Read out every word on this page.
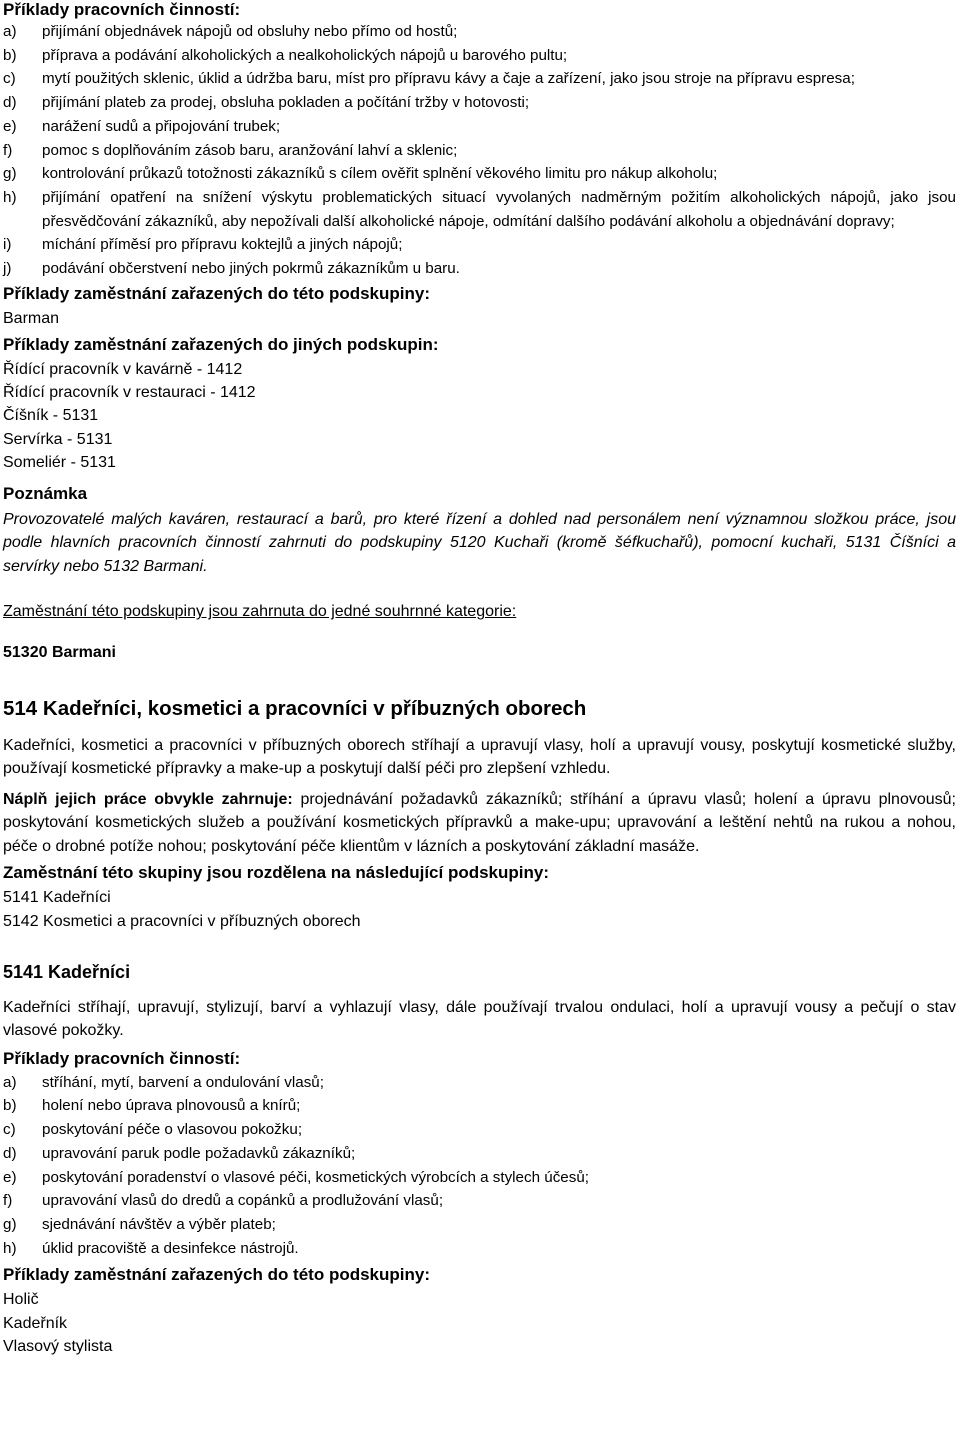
Příklady pracovních činností:

a)	přijímání objednávek nápojů od obsluhy nebo přímo od hostů;
b)	příprava a podávání alkoholických a nealkoholických nápojů u barového pultu;
c)	mytí použitých sklenic, úklid a údržba baru, míst pro přípravu kávy a čaje a zařízení, jako jsou stroje na přípravu espresa;
d)	přijímání plateb za prodej, obsluha pokladen a počítání tržby v hotovosti;
e)	narážení sudů a připojování trubek;
f)	pomoc s doplňováním zásob baru, aranžování lahví a sklenic;
g)	kontrolování průkazů totožnosti zákazníků s cílem ověřit splnění věkového limitu pro nákup alkoholu;
h)	přijímání opatření na snížení výskytu problematických situací vyvolaných nadměrným požitím alkoholických nápojů, jako jsou přesvědčování zákazníků, aby nepožívali další alkoholické nápoje, odmítání dalšího podávání alkoholu a objednávání dopravy;
i)	míchání příměsí pro přípravu koktejlů a jiných nápojů;
j)	podávání občerstvení nebo jiných pokrmů zákazníkům u baru.

Příklady zaměstnání zařazených do této podskupiny:

Barman

Příklady zaměstnání zařazených do jiných podskupin:

Řídící pracovník v kavárně - 1412

Řídící pracovník v restauraci - 1412

Číšník - 5131

Servírka - 5131

Someliér - 5131

Poznámka

Provozovatelé malých kaváren, restaurací a barů, pro které řízení a dohled nad personálem není významnou složkou práce, jsou podle hlavních pracovních činností zahrnuti do podskupiny 5120 Kuchaři (kromě šéfkuchařů), pomocní kuchaři, 5131 Číšníci a servírky nebo 5132 Barmani.

Zaměstnání této podskupiny jsou zahrnuta do jedné souhrnné kategorie:

51320 Barmani

514 Kadeřníci, kosmetici a pracovníci v příbuzných oborech

Kadeřníci, kosmetici a pracovníci v příbuzných oborech stříhají a upravují vlasy, holí a upravují vousy, poskytují kosmetické služby, používají kosmetické přípravky a make-up a poskytují další péči pro zlepšení vzhledu.

Náplň jejich práce obvykle zahrnuje: projednávání požadavků zákazníků; stříhání a úpravu vlasů; holení a úpravu plnovousů; poskytování kosmetických služeb a používání kosmetických přípravků a make-upu; upravování a leštění nehtů na rukou a nohou, péče o drobné potíže nohou; poskytování péče klientům v lázních a poskytování základní masáže.

Zaměstnání této skupiny jsou rozdělena na následující podskupiny:

5141 Kadeřníci

5142 Kosmetici a pracovníci v příbuzných oborech

5141 Kadeřníci

Kadeřníci stříhají, upravují, stylizují, barví a vyhlazují vlasy, dále používají trvalou ondulaci, holí a upravují vousy a pečují o stav vlasové pokožky.

Příklady pracovních činností:

a)	stříhání, mytí, barvení a ondulování vlasů;
b)	holení nebo úprava plnovousů a knírů;
c)	poskytování péče o vlasovou pokožku;
d)	upravování paruk podle požadavků zákazníků;
e)	poskytování poradenství o vlasové péči, kosmetických výrobcích a stylech účesů;
f)	upravování vlasů do dredů a copánků a prodlužování vlasů;
g)	sjednávání návštěv a výběr plateb;
h)	úklid pracoviště a desinfekce nástrojů.

Příklady zaměstnání zařazených do této podskupiny:

Holič

Kadeřník

Vlasový stylista
